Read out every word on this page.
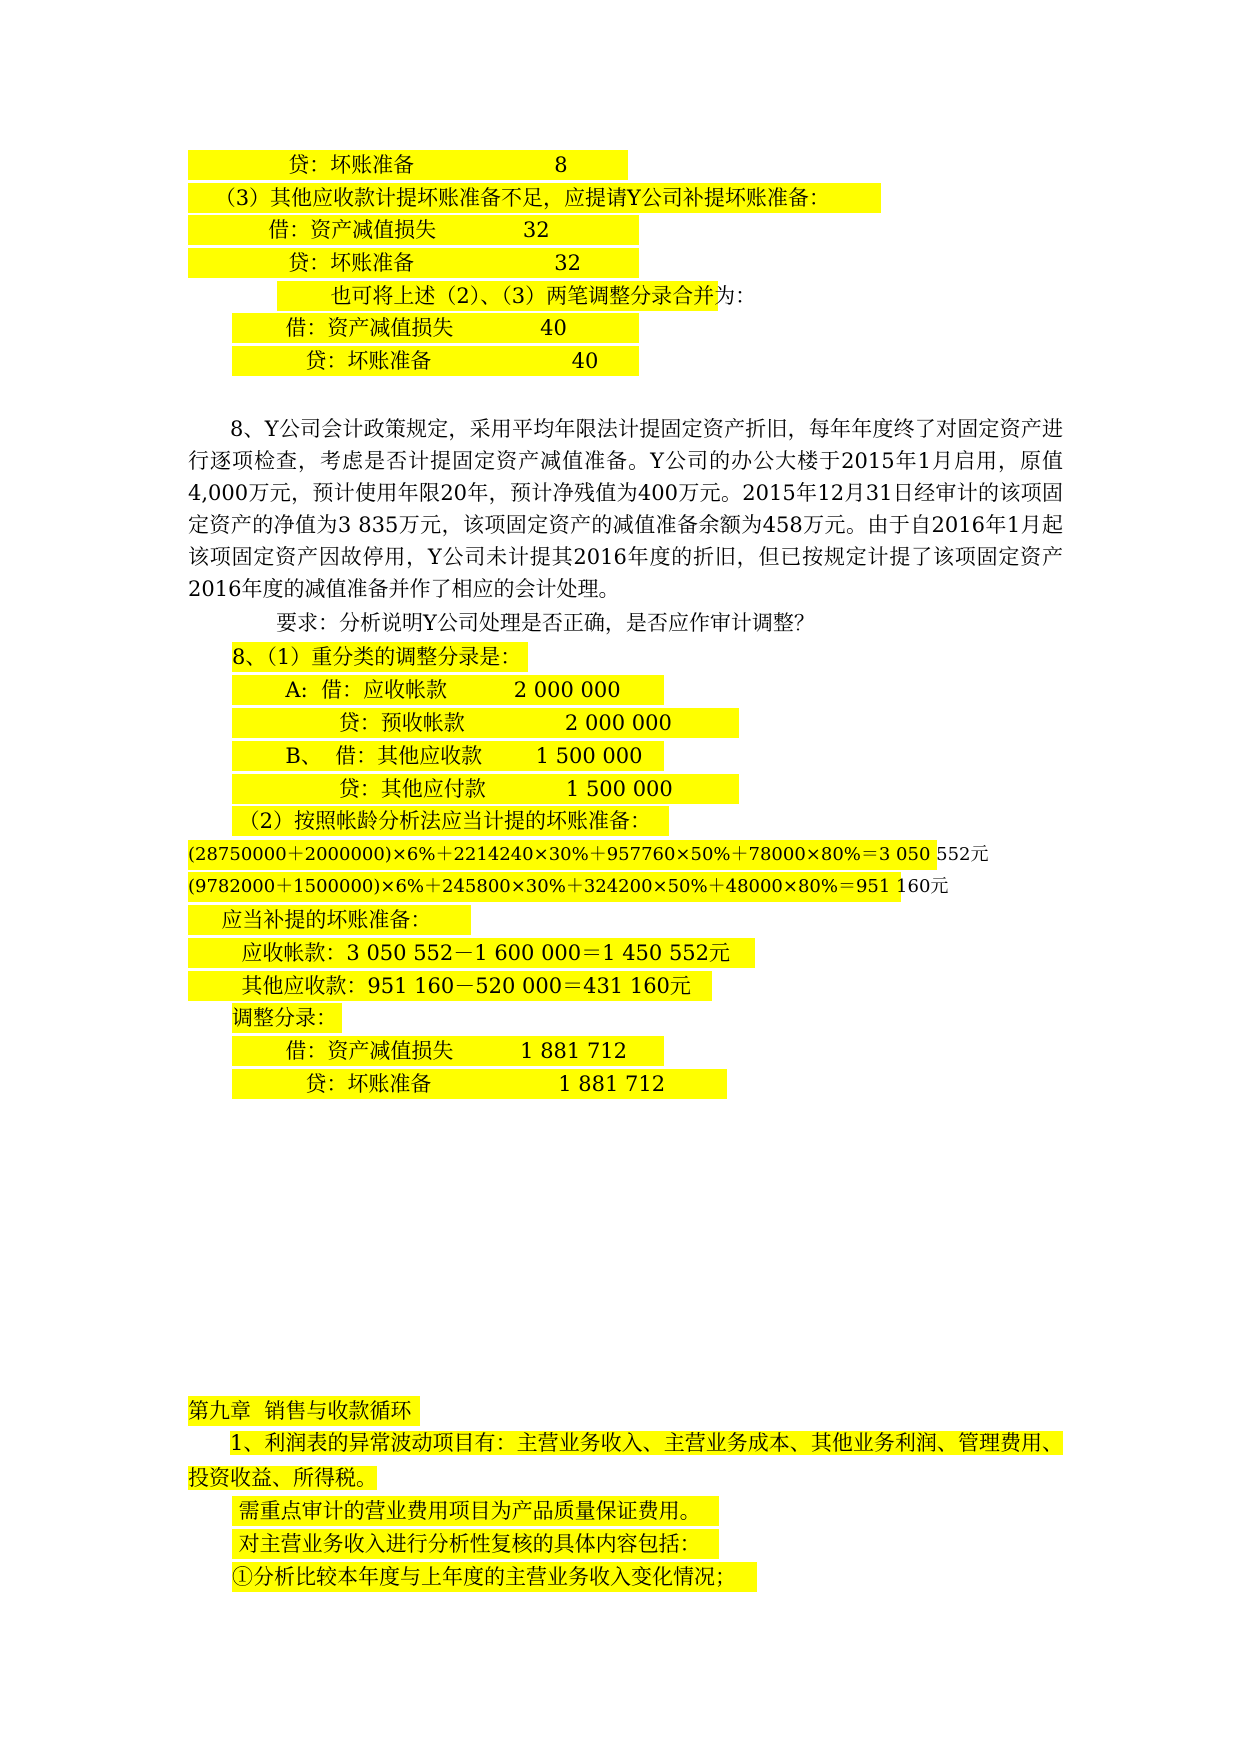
贷：坏账准备                     8
（3）其他应收款计提坏账准备不足，应提请Y公司补提坏账准备：
借：资产减值损失             32
贷：坏账准备                     32
也可将上述（2）、（3）两笔调整分录合并为：
借：资产减值损失             40
贷：坏账准备                     40

8、Y公司会计政策规定，采用平均年限法计提固定资产折旧，每年年度终了对固定资产进行逐项检查，考虑是否计提固定资产减值准备。Y公司的办公大楼于2015年1月启用，原值4,000万元，预计使用年限20年，预计净残值为400万元。2015年12月31日经审计的该项固定资产的净值为3 835万元，该项固定资产的减值准备余额为458万元。由于自2016年1月起该项固定资产因故停用，Y公司未计提其2016年度的折旧，但已按规定计提了该项固定资产2016年度的减值准备并作了相应的会计处理。

要求：分析说明Y公司处理是否正确，是否应作审计调整？
8、（1）重分类的调整分录是：
A:  借：应收帐款          2 000 000
贷：预收帐款               2 000 000
B、  借：其他应收款        1 500 000
贷：其他应付款            1 500 000
（2）按照帐龄分析法应当计提的坏账准备：
(28750000＋2000000)×6%＋2214240×30%＋957760×50%＋78000×80%＝3 050 552元
(9782000＋1500000)×6%＋245800×30%＋324200×50%＋48000×80%＝951 160元
应当补提的坏账准备：
应收帐款：3 050 552－1 600 000＝1 450 552元
其他应收款：951 160－520 000＝431 160元
调整分录：
借：资产减值损失          1 881 712
贷：坏账准备                   1 881 712
第九章  销售与收款循环

1、利润表的异常波动项目有：主营业务收入、主营业务成本、其他业务利润、管理费用、投资收益、所得税。

需重点审计的营业费用项目为产品质量保证费用。
对主营业务收入进行分析性复核的具体内容包括：
①分析比较本年度与上年度的主营业务收入变化情况；
